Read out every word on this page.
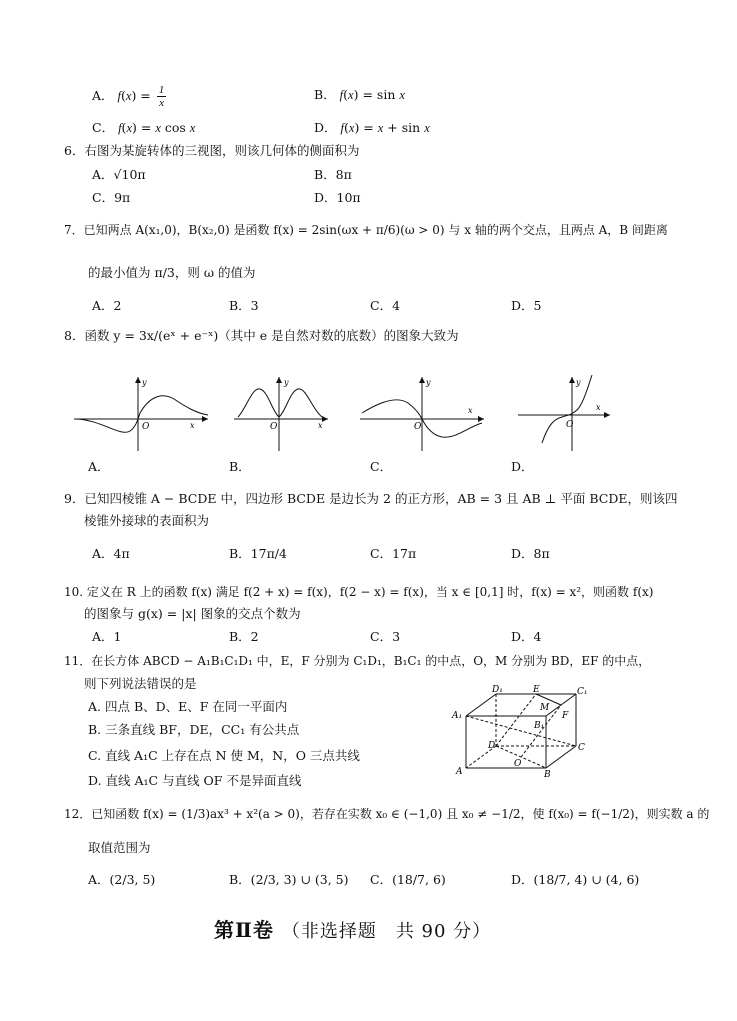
A． $f(x) = \frac{1}{x}$	B． f(x) = sin x
C． f(x) = x cos x	D． f(x) = x + sin x
6．右图为某旋转体的三视图，则该几何体的侧面积为
A．√10π	B．8π
C．9π	D．10π
7．已知两点 A(x₁,0)，B(x₂,0) 是函数 f(x) = 2sin(ωx + π/6)(ω > 0) 与 x 轴的两个交点，且两点 A，B 间距离
的最小值为 π/3，则 ω 的值为
A．2	B．3	C．4	D．5
8．函数 y = 3x/(eˣ + e⁻ˣ)（其中 e 是自然对数的底数）的图象大致为
y
x
O
y
x
O
y
x
O
y
x
O
A．	B．	C．	D．
9．已知四棱锥 A − BCDE 中，四边形 BCDE 是边长为 2 的正方形，AB = 3 且 AB ⊥ 平面 BCDE，则该四
棱锥外接球的表面积为
A．4π	B．17π/4	C．17π	D．8π
10. 定义在 R 上的函数 f(x) 满足 f(2 + x) = f(x)，f(2 − x) = f(x)，当 x ∈ [0,1] 时，f(x) = x²，则函数 f(x)
的图象与 g(x) = |x| 图象的交点个数为
A．1	B．2	C．3	D．4
11．在长方体 ABCD − A₁B₁C₁D₁ 中，E，F 分别为 C₁D₁，B₁C₁ 的中点，O，M 分别为 BD，EF 的中点，
则下列说法错误的是
A. 四点 B、D、E、F 在同一平面内
B. 三条直线 BF，DE，CC₁ 有公共点
C. 直线 A₁C 上存在点 N 使 M，N，O 三点共线
D. 直线 A₁C 与直线 OF 不是异面直线
D₁	E	C₁
A₁
M
B₁
F
D	C
A
O
B
12．已知函数 f(x) = (1/3)ax³ + x²(a > 0)，若存在实数 x₀ ∈ (−1,0) 且 x₀ ≠ −1/2，使 f(x₀) = f(−1/2)，则实数 a 的
取值范围为
A．(2/3, 5)	B．(2/3, 3) ∪ (3, 5) C．(18/7, 6)	D．(18/7, 4) ∪ (4, 6)
第Ⅱ卷 （非选择题　共 90 分）
